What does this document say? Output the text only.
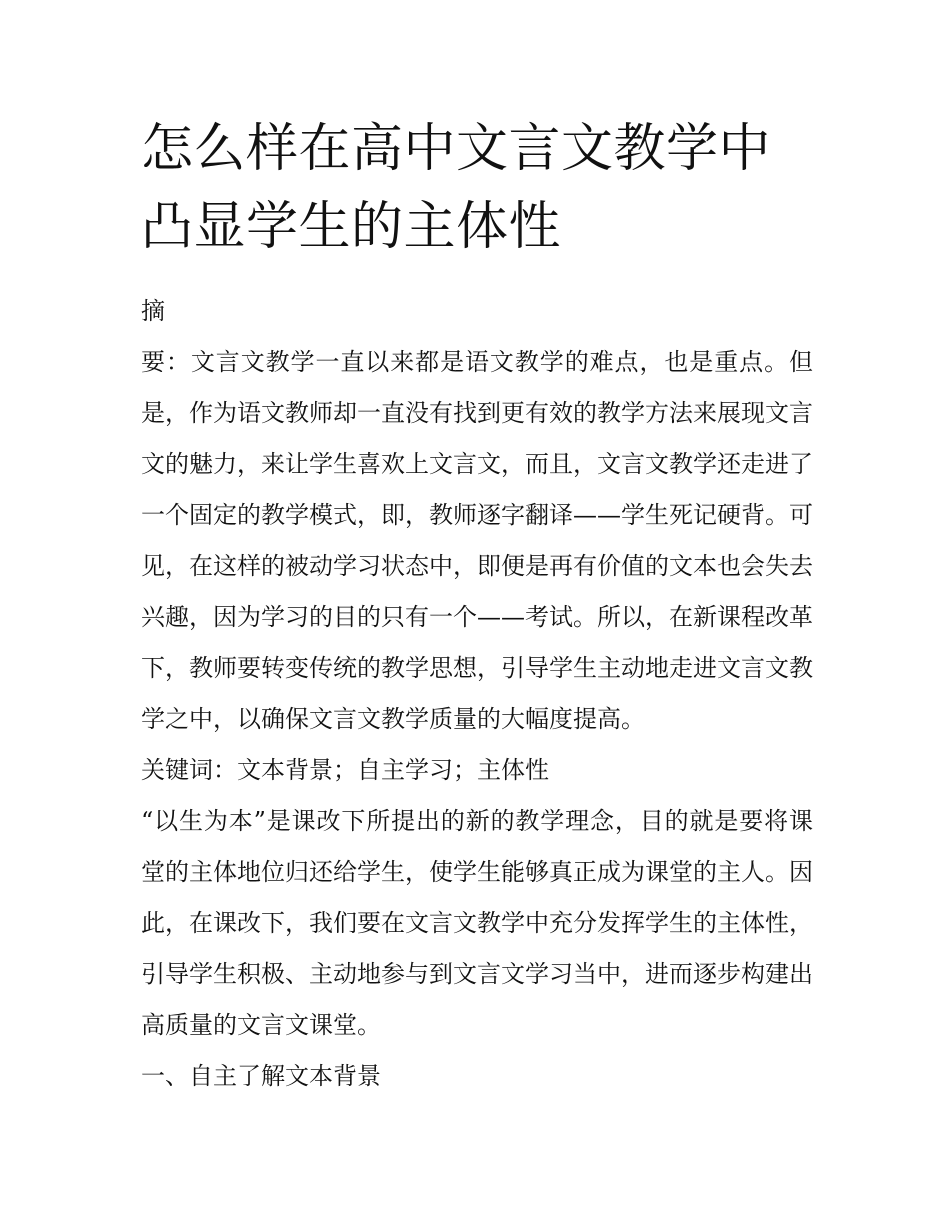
怎么样在高中文言文教学中凸显学生的主体性

摘

要：文言文教学一直以来都是语文教学的难点，也是重点。但是，作为语文教师却一直没有找到更有效的教学方法来展现文言文的魅力，来让学生喜欢上文言文，而且，文言文教学还走进了一个固定的教学模式，即，教师逐字翻译——学生死记硬背。可见，在这样的被动学习状态中，即便是再有价值的文本也会失去兴趣，因为学习的目的只有一个——考试。所以，在新课程改革下，教师要转变传统的教学思想，引导学生主动地走进文言文教学之中，以确保文言文教学质量的大幅度提高。

关键词：文本背景；自主学习；主体性

“以生为本”是课改下所提出的新的教学理念，目的就是要将课堂的主体地位归还给学生，使学生能够真正成为课堂的主人。因此，在课改下，我们要在文言文教学中充分发挥学生的主体性，引导学生积极、主动地参与到文言文学习当中，进而逐步构建出高质量的文言文课堂。

一、自主了解文本背景
